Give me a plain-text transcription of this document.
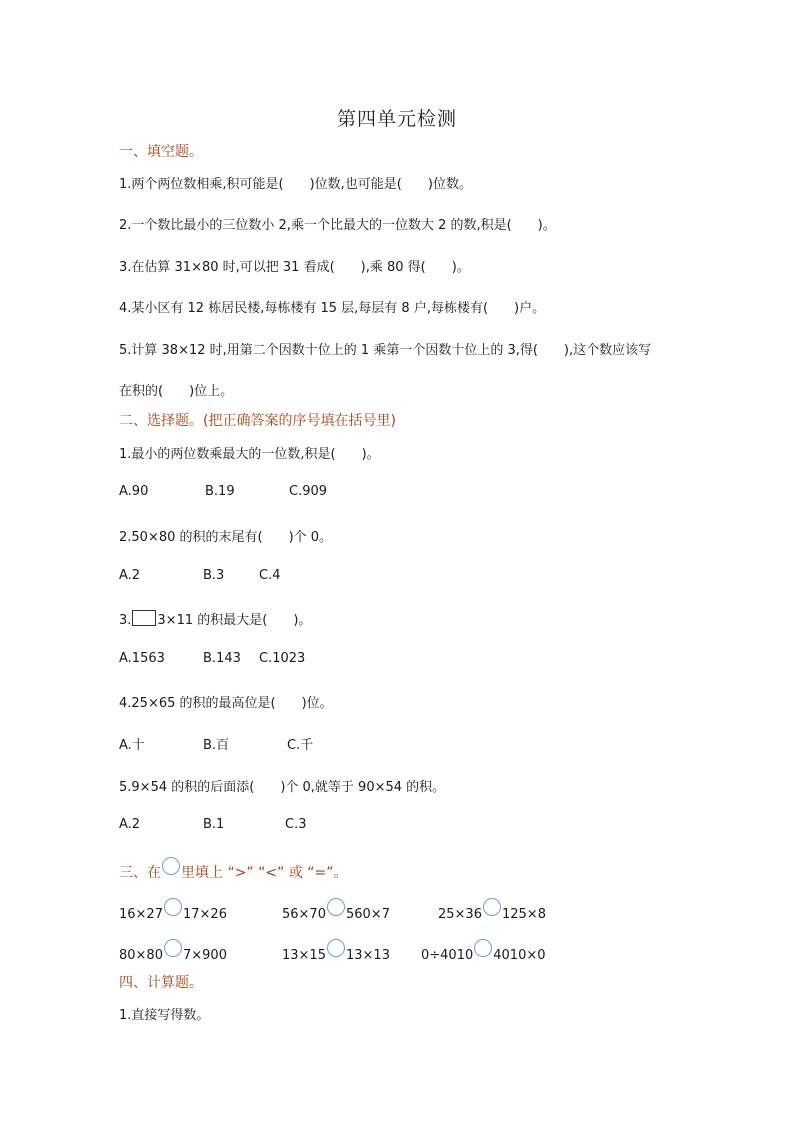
第四单元检测
一、填空题。
1.两个两位数相乘,积可能是(　　)位数,也可能是(　　)位数。
2.一个数比最小的三位数小 2,乘一个比最大的一位数大 2 的数,积是(　　)。
3.在估算 31×80 时,可以把 31 看成(　　),乘 80 得(　　)。
4.某小区有 12 栋居民楼,每栋楼有 15 层,每层有 8 户,每栋楼有(　　)户。
5.计算 38×12 时,用第二个因数十位上的 1 乘第一个因数十位上的 3,得(　　),这个数应该写
在积的(　　)位上。
二、选择题。(把正确答案的序号填在括号里)
1.最小的两位数乘最大的一位数,积是(　　)。
A.90	B.19	C.909
2.50×80 的积的末尾有(　　)个 0。
A.2	B.3	C.4
3. 3×11 的积最大是(　　)。
A.1563	B.143 C.1023
4.25×65 的积的最高位是(　　)位。
A.十	B.百	C.千
5.9×54 的积的后面添(　　)个 0,就等于 90×54 的积。
A.2	B.1	C.3
三、在 里填上 “>” “<” 或 “=”。
16×27 17×26	56×70 560×7	25×36 125×8
80×80 7×900	13×15 13×13 0÷4010 4010×0
四、计算题。
1.直接写得数。
